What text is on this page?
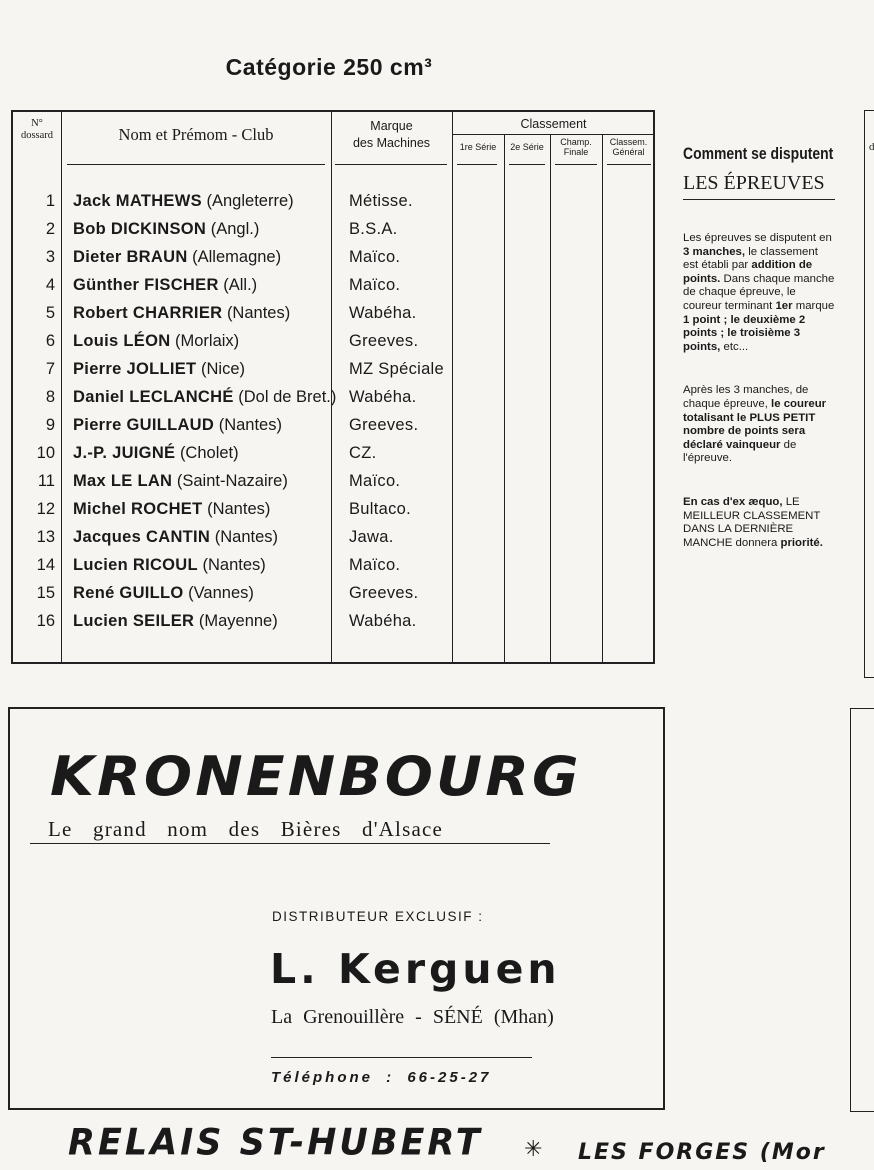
Catégorie 250 cm³
N°
dossard	Nom et Prémom - Club	Marque
des Machines
Classement
1re Série	2e Série	Champ.
Finale
Classem.
Général
1 Jack MATHEWS (Angleterre)	Métisse.
2 Bob DICKINSON (Angl.)	B.S.A.
3 Dieter BRAUN (Allemagne)	Maïco.
4 Günther FISCHER (All.)	Maïco.
5 Robert CHARRIER (Nantes)	Wabéha.
6 Louis LÉON (Morlaix)	Greeves.
7 Pierre JOLLIET (Nice)	MZ Spéciale
8 Daniel LECLANCHÉ (Dol de Bret.) Wabéha.
9 Pierre GUILLAUD (Nantes)	Greeves.
10 J.-P. JUIGNÉ (Cholet)	CZ.
11 Max LE LAN (Saint-Nazaire)	Maïco.
12 Michel ROCHET (Nantes)	Bultaco.
13 Jacques CANTIN (Nantes)	Jawa.
14 Lucien RICOUL (Nantes)	Maïco.
15 René GUILLO (Vannes)	Greeves.
16 Lucien SEILER (Mayenne)	Wabéha.
Comment se disputent
LES ÉPREUVES
Les épreuves se disputent en 3 manches, le classement est établi par addition de points. Dans chaque manche de chaque épreuve, le coureur terminant 1er marque 1 point ; le deuxième 2 points ; le troisième 3 points, etc...
Après les 3 manches, de chaque épreuve, le coureur totalisant le PLUS PETIT nombre de points sera déclaré vainqueur de l'épreuve.
En cas d'ex æquo, LE MEILLEUR CLASSEMENT DANS LA DERNIÈRE MANCHE donnera priorité.
d
KRONENBOURG
Le grand nom des Bières d'Alsace
DISTRIBUTEUR EXCLUSIF :
L. Kerguen
La Grenouillère - SÉNÉ (Mhan)
Téléphone : 66-25-27
RELAIS ST-HUBERT ✳ LES FORGES (Mor
